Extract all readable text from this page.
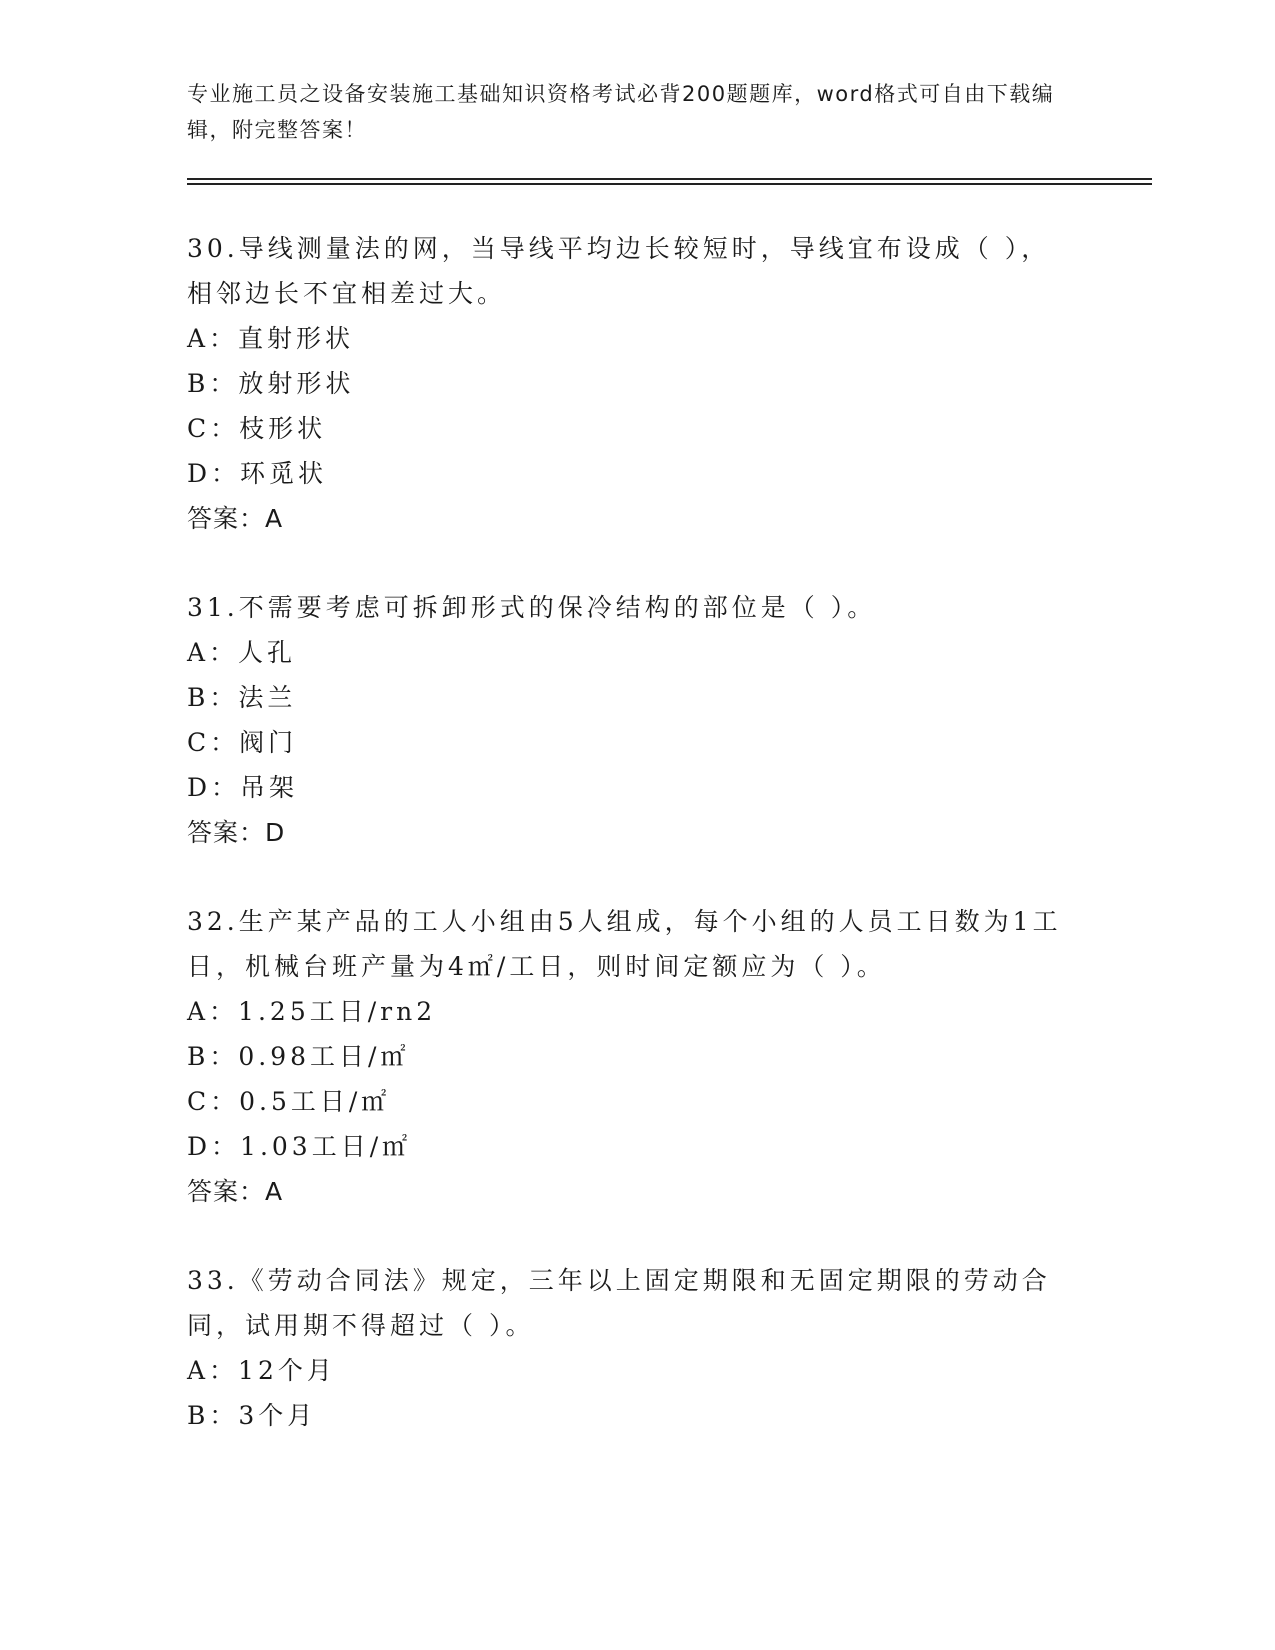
专业施工员之设备安装施工基础知识资格考试必背200题题库，word格式可自由下载编辑，附完整答案！

30.导线测量法的网，当导线平均边长较短时，导线宜布设成（ ），相邻边长不宜相差过大。

A：直射形状

B：放射形状

C：枝形状

D：环觅状

答案：A

31.不需要考虑可拆卸形式的保冷结构的部位是（ ）。

A：人孔

B：法兰

C：阀门

D：吊架

答案：D

32.生产某产品的工人小组由5人组成，每个小组的人员工日数为1工日，机械台班产量为4㎡/工日，则时间定额应为（ ）。

A：1.25工日/rn2

B：0.98工日/㎡

C：0.5工日/㎡

D：1.03工日/㎡

答案：A

33.《劳动合同法》规定，三年以上固定期限和无固定期限的劳动合同，试用期不得超过（ ）。

A：12个月

B：3个月
